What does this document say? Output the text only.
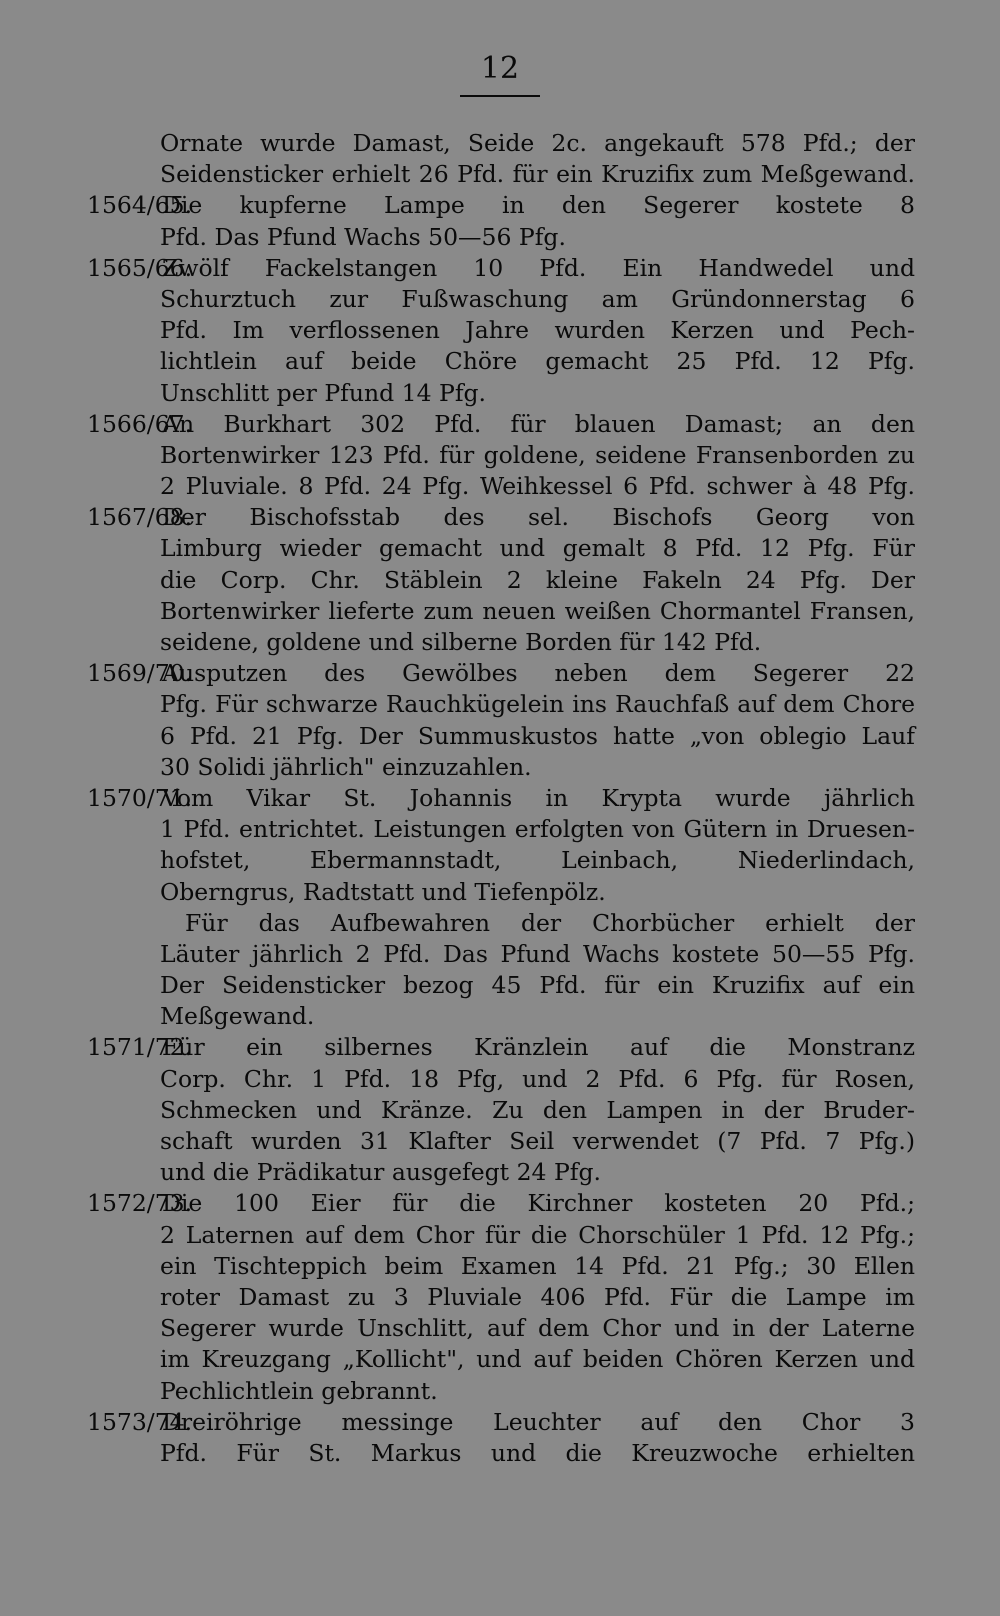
12
Ornate wurde Damast, Seide 2c. angekauft 578 Pfd.; der
Seidensticker erhielt 26 Pfd. für ein Kruzifix zum Meßgewand.
1564/65.
Die kupferne Lampe in den Segerer kostete 8
Pfd. Das Pfund Wachs 50—56 Pfg.
1565/66.
Zwölf Fackelstangen 10 Pfd. Ein Handwedel und
Schurztuch zur Fußwaschung am Gründonnerstag 6
Pfd. Im verflossenen Jahre wurden Kerzen und Pech-
lichtlein auf beide Chöre gemacht 25 Pfd. 12 Pfg.
Unschlitt per Pfund 14 Pfg.
1566/67.
An Burkhart 302 Pfd. für blauen Damast; an den
Bortenwirker 123 Pfd. für goldene, seidene Fransenborden zu
2 Pluviale. 8 Pfd. 24 Pfg. Weihkessel 6 Pfd. schwer à 48 Pfg.
1567/68.
Der Bischofsstab des sel. Bischofs Georg von
Limburg wieder gemacht und gemalt 8 Pfd. 12 Pfg. Für
die Corp. Chr. Stäblein 2 kleine Fakeln 24 Pfg. Der
Bortenwirker lieferte zum neuen weißen Chormantel Fransen,
seidene, goldene und silberne Borden für 142 Pfd.
1569/70.
Ausputzen des Gewölbes neben dem Segerer 22
Pfg. Für schwarze Rauchkügelein ins Rauchfaß auf dem Chore
6 Pfd. 21 Pfg. Der Summuskustos hatte „von oblegio Lauf
30 Solidi jährlich" einzuzahlen.
1570/71.
Vom Vikar St. Johannis in Krypta wurde jährlich
1 Pfd. entrichtet. Leistungen erfolgten von Gütern in Druesen-
hofstet, Ebermannstadt, Leinbach, Niederlindach,
Oberngrus, Radtstatt und Tiefenpölz.
Für das Aufbewahren der Chorbücher erhielt der
Läuter jährlich 2 Pfd. Das Pfund Wachs kostete 50—55 Pfg.
Der Seidensticker bezog 45 Pfd. für ein Kruzifix auf ein
Meßgewand.
1571/72.
Für ein silbernes Kränzlein auf die Monstranz
Corp. Chr. 1 Pfd. 18 Pfg, und 2 Pfd. 6 Pfg. für Rosen,
Schmecken und Kränze. Zu den Lampen in der Bruder-
schaft wurden 31 Klafter Seil verwendet (7 Pfd. 7 Pfg.)
und die Prädikatur ausgefegt 24 Pfg.
1572/73.
Die 100 Eier für die Kirchner kosteten 20 Pfd.;
2 Laternen auf dem Chor für die Chorschüler 1 Pfd. 12 Pfg.;
ein Tischteppich beim Examen 14 Pfd. 21 Pfg.; 30 Ellen
roter Damast zu 3 Pluviale 406 Pfd. Für die Lampe im
Segerer wurde Unschlitt, auf dem Chor und in der Laterne
im Kreuzgang „Kollicht", und auf beiden Chören Kerzen und
Pechlichtlein gebrannt.
1573/74.
Dreiröhrige messinge Leuchter auf den Chor 3
Pfd. Für St. Markus und die Kreuzwoche erhielten
